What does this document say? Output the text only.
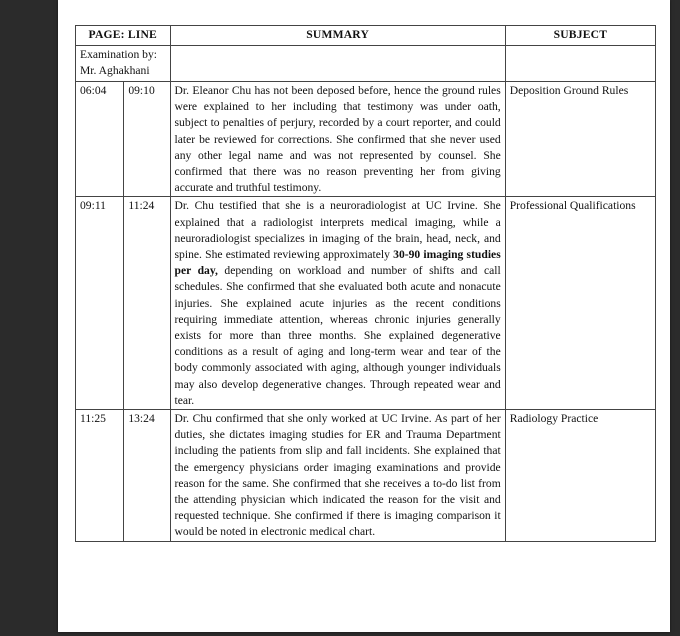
PAGE: LINE		SUMMARY	SUBJECT

Examination by:
Mr. Aghakhani			

06:04	09:10	Dr. Eleanor Chu has not been deposed before, hence the ground rules were explained to her including that testimony was under oath, subject to penalties of perjury, recorded by a court reporter, and could later be reviewed for corrections. She confirmed that she never used any other legal name and was not represented by counsel. She confirmed that there was no reason preventing her from giving accurate and truthful testimony.	Deposition Ground Rules
09:11	11:24	Dr. Chu testified that she is a neuroradiologist at UC Irvine. She explained that a radiologist interprets medical imaging, while a neuroradiologist specializes in imaging of the brain, head, neck, and spine. She estimated reviewing approximately 30-90 imaging studies per day, depending on workload and number of shifts and call schedules. She confirmed that she evaluated both acute and nonacute injuries. She explained acute injuries as the recent conditions requiring immediate attention, whereas chronic injuries generally exists for more than three months. She explained degenerative conditions as a result of aging and long-term wear and tear of the body commonly associated with aging, although younger individuals may also develop degenerative changes. Through repeated wear and tear.	Professional Qualifications
11:25	13:24	Dr. Chu confirmed that she only worked at UC Irvine. As part of her duties, she dictates imaging studies for ER and Trauma Department including the patients from slip and fall incidents. She explained that the emergency physicians order imaging examinations and provide reason for the same. She confirmed that she receives a to-do list from the attending physician which indicated the reason for the visit and requested technique. She confirmed if there is imaging comparison it would be noted in electronic medical chart.	Radiology Practice
